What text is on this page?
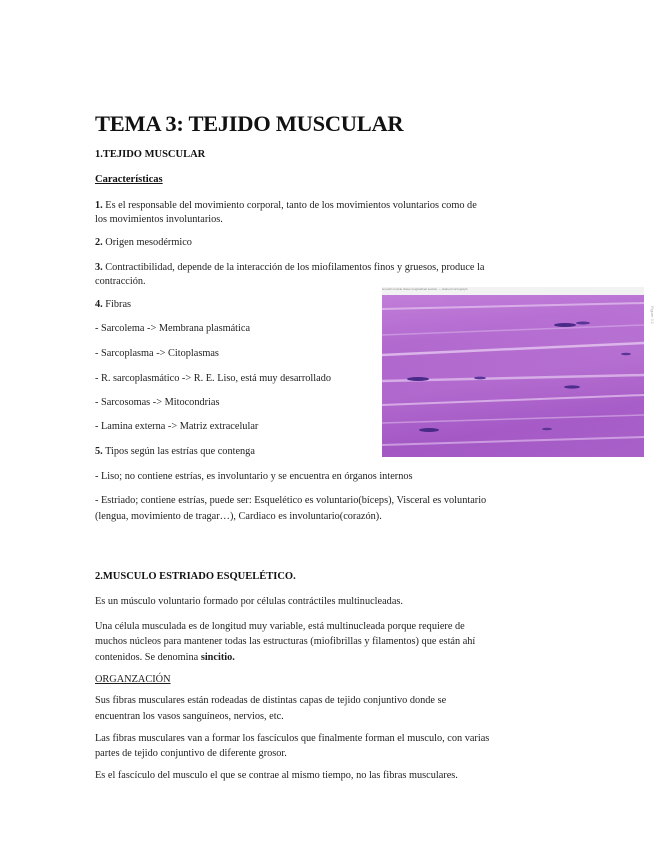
TEMA 3: TEJIDO MUSCULAR
1.TEJIDO MUSCULAR
Características
1. Es el responsable del movimiento corporal, tanto de los movimientos voluntarios como de
los movimientos involuntarios.
2. Origen mesodérmico
3. Contractibilidad, depende de la interacción de los miofilamentos finos y gruesos, produce la
contracción.
4. Fibras
- Sarcolema -> Membrana plasmática
- Sarcoplasma -> Citoplasmas
- R. sarcoplasmático -> R. E. Liso, está muy desarrollado
- Sarcosomas -> Mitocondrias
- Lamina externa -> Matriz extracelular
5. Tipos según las estrías que contenga
- Liso; no contiene estrías, es involuntario y se encuentra en órganos internos
- Estriado; contiene estrías, puede ser: Esquelético es voluntario(bíceps), Visceral es voluntario
(lengua, movimiento de tragar…), Cardiaco es involuntario(corazón).
smooth muscle tissue longitudinal section — stained micrograph
Figure 3.1
2.MUSCULO ESTRIADO ESQUELÉTICO.
Es un músculo voluntario formado por células contráctiles multinucleadas.
Una célula musculada es de longitud muy variable, está multinucleada porque requiere de
muchos núcleos para mantener todas las estructuras (miofibrillas y filamentos) que están ahí
contenidos. Se denomina sincitio.
ORGANZACIÓN
Sus fibras musculares están rodeadas de distintas capas de tejido conjuntivo donde se
encuentran los vasos sanguíneos, nervios, etc.
Las fibras musculares van a formar los fascículos que finalmente forman el musculo, con varias
partes de tejido conjuntivo de diferente grosor.
Es el fascículo del musculo el que se contrae al mismo tiempo, no las fibras musculares.
